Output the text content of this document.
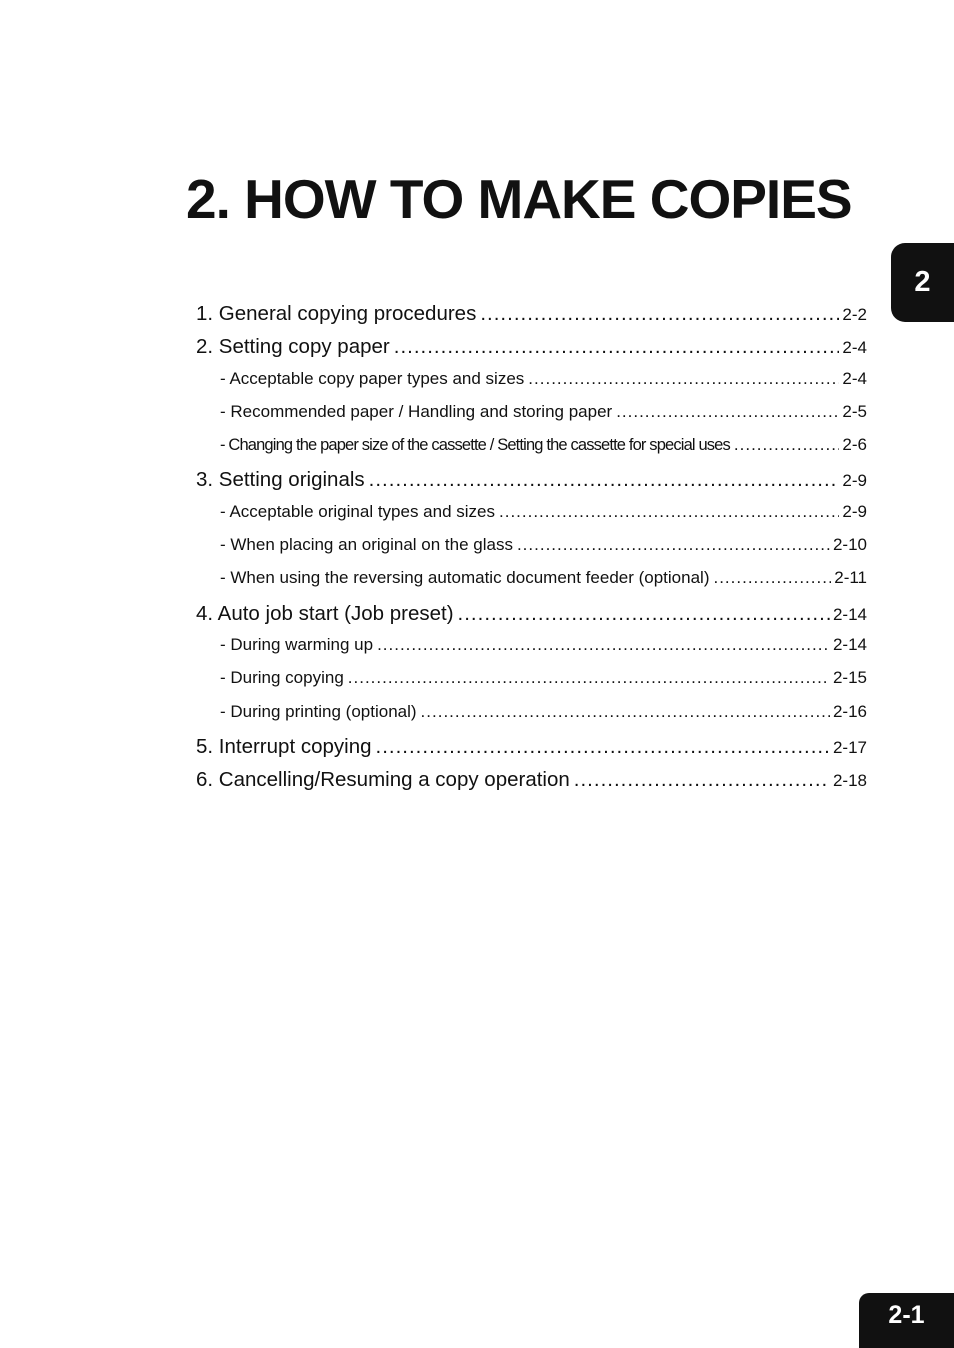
2. HOW TO MAKE COPIES
2
1. General copying procedures .....	2-2
2. Setting copy paper .....	2-4
- Acceptable copy paper types and sizes .....	2-4
- Recommended paper / Handling and storing paper .....	2-5
- Changing the paper size of the cassette / Setting the cassette for special uses .....	2-6
3. Setting originals .....	2-9
- Acceptable original types and sizes .....	2-9
- When placing an original on the glass .....	2-10
- When using the reversing automatic document feeder (optional) .....	2-11
4. Auto job start (Job preset) .....	2-14
- During warming up .....	2-14
- During copying .....	2-15
- During printing (optional) .....	2-16
5. Interrupt copying .....	2-17
6. Cancelling/Resuming a copy operation .....	2-18
2-1
